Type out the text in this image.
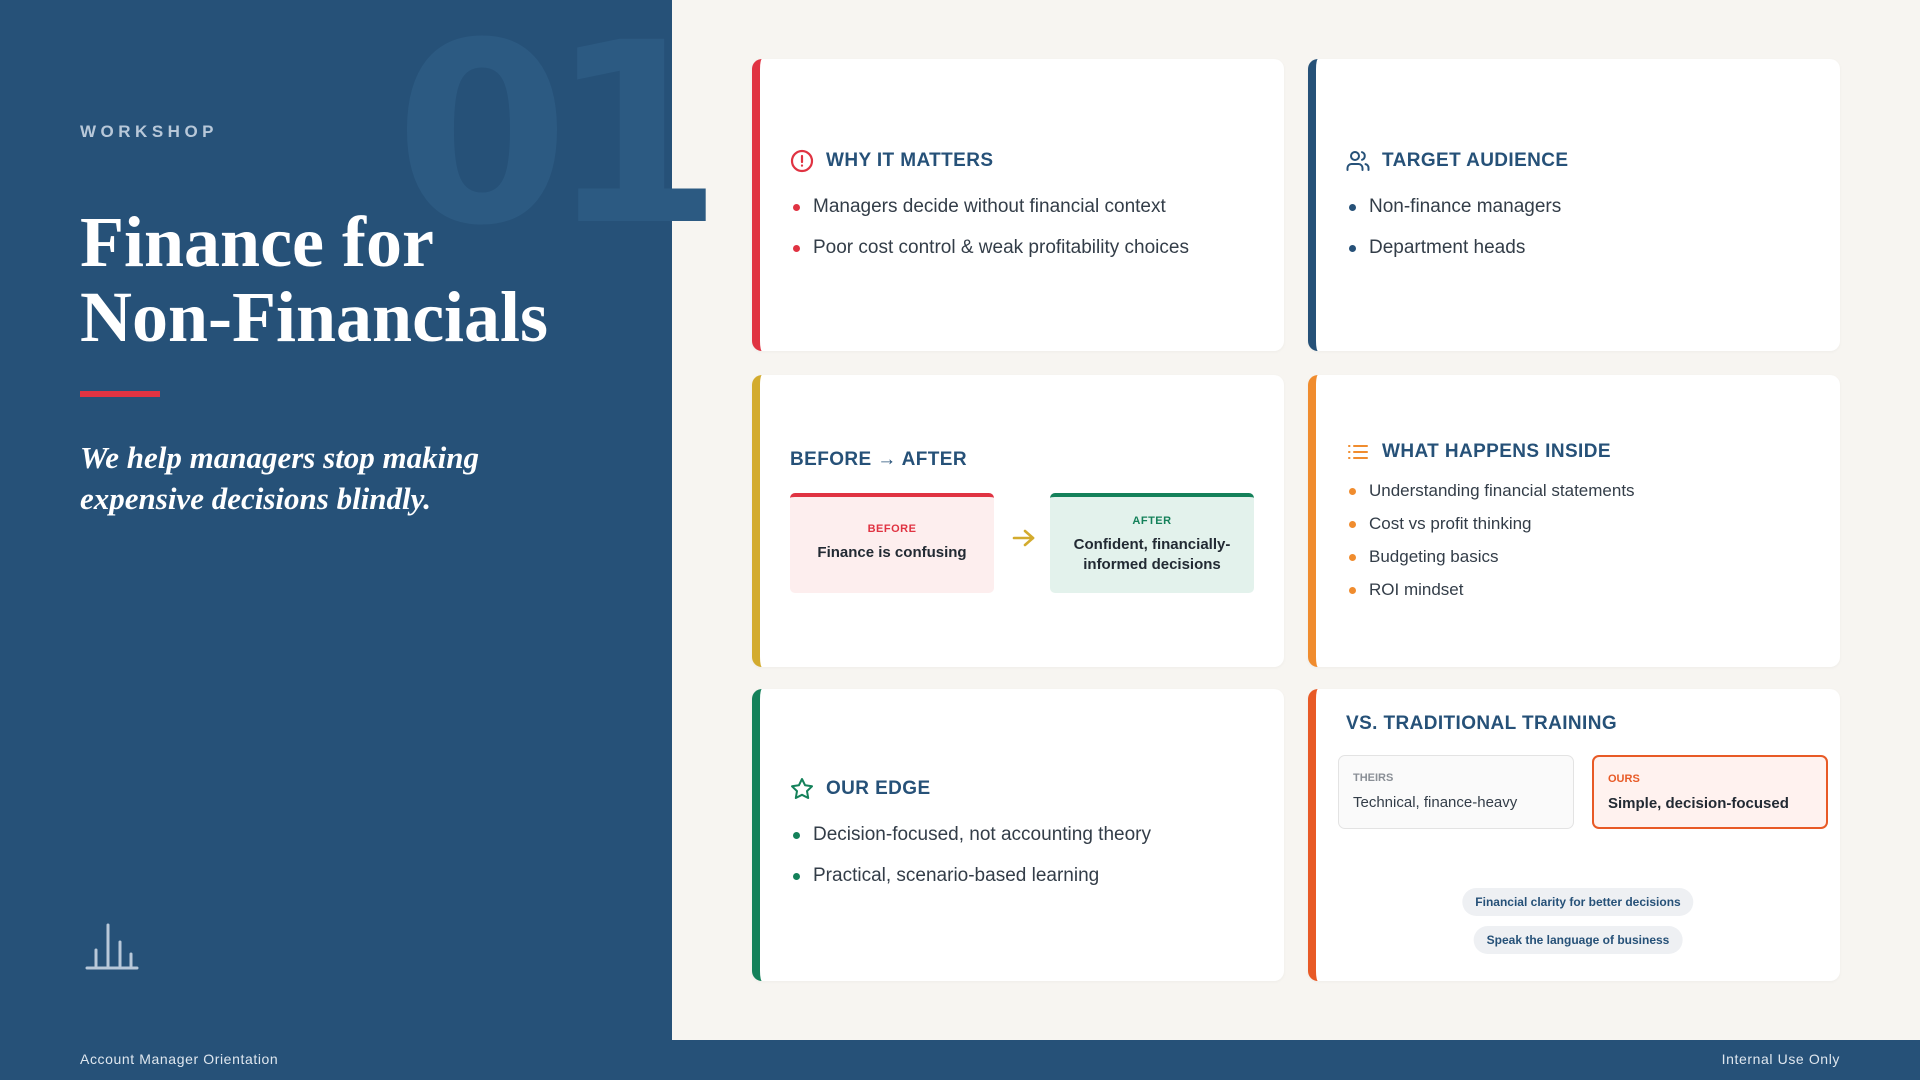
01
WORKSHOP
Finance for
Non-Financials
We help managers stop making expensive decisions blindly.
WHY IT MATTERS
Managers decide without financial context
Poor cost control & weak profitability choices
TARGET AUDIENCE
Non-finance managers
Department heads
BEFORE → AFTER
BEFORE
Finance is confusing
AFTER
Confident, financially-informed decisions
WHAT HAPPENS INSIDE
Understanding financial statements
Cost vs profit thinking
Budgeting basics
ROI mindset
OUR EDGE
Decision-focused, not accounting theory
Practical, scenario-based learning
VS. TRADITIONAL TRAINING
THEIRS
Technical, finance-heavy
OURS
Simple, decision-focused
Financial clarity for better decisions
Speak the language of business
Account Manager Orientation	Internal Use Only
